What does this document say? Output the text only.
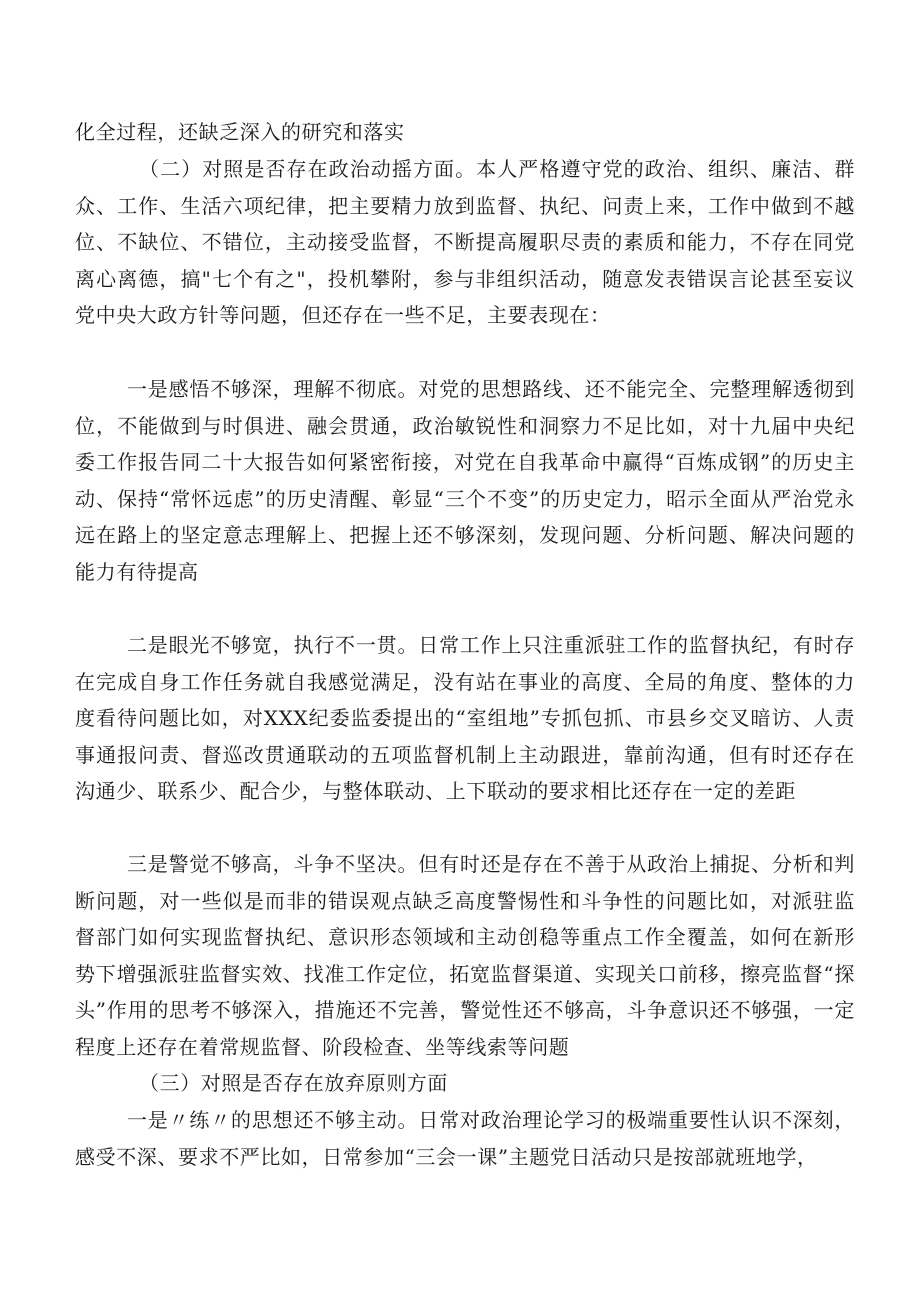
化全过程，还缺乏深入的研究和落实

（二）对照是否存在政治动摇方面。本人严格遵守党的政治、组织、廉洁、群众、工作、生活六项纪律，把主要精力放到监督、执纪、问责上来，工作中做到不越位、不缺位、不错位，主动接受监督，不断提高履职尽责的素质和能力，不存在同党离心离德，搞"七个有之"，投机攀附，参与非组织活动，随意发表错误言论甚至妄议党中央大政方针等问题，但还存在一些不足，主要表现在：

一是感悟不够深，理解不彻底。对党的思想路线、还不能完全、完整理解透彻到位，不能做到与时俱进、融会贯通，政治敏锐性和洞察力不足比如，对十九届中央纪委工作报告同二十大报告如何紧密衔接，对党在自我革命中赢得“百炼成钢”的历史主动、保持“常怀远虑”的历史清醒、彰显“三个不变”的历史定力，昭示全面从严治党永远在路上的坚定意志理解上、把握上还不够深刻，发现问题、分析问题、解决问题的能力有待提高

二是眼光不够宽，执行不一贯。日常工作上只注重派驻工作的监督执纪，有时存在完成自身工作任务就自我感觉满足，没有站在事业的高度、全局的角度、整体的力度看待问题比如，对XXX纪委监委提出的“室组地”专抓包抓、市县乡交叉暗访、人责事通报问责、督巡改贯通联动的五项监督机制上主动跟进，靠前沟通，但有时还存在沟通少、联系少、配合少，与整体联动、上下联动的要求相比还存在一定的差距

三是警觉不够高，斗争不坚决。但有时还是存在不善于从政治上捕捉、分析和判断问题，对一些似是而非的错误观点缺乏高度警惕性和斗争性的问题比如，对派驻监督部门如何实现监督执纪、意识形态领域和主动创稳等重点工作全覆盖，如何在新形势下增强派驻监督实效、找准工作定位，拓宽监督渠道、实现关口前移，擦亮监督“探头”作用的思考不够深入，措施还不完善，警觉性还不够高，斗争意识还不够强，一定程度上还存在着常规监督、阶段检查、坐等线索等问题

（三）对照是否存在放弃原则方面

一是〃练〃的思想还不够主动。日常对政治理论学习的极端重要性认识不深刻，感受不深、要求不严比如，日常参加“三会一课”主题党日活动只是按部就班地学，
